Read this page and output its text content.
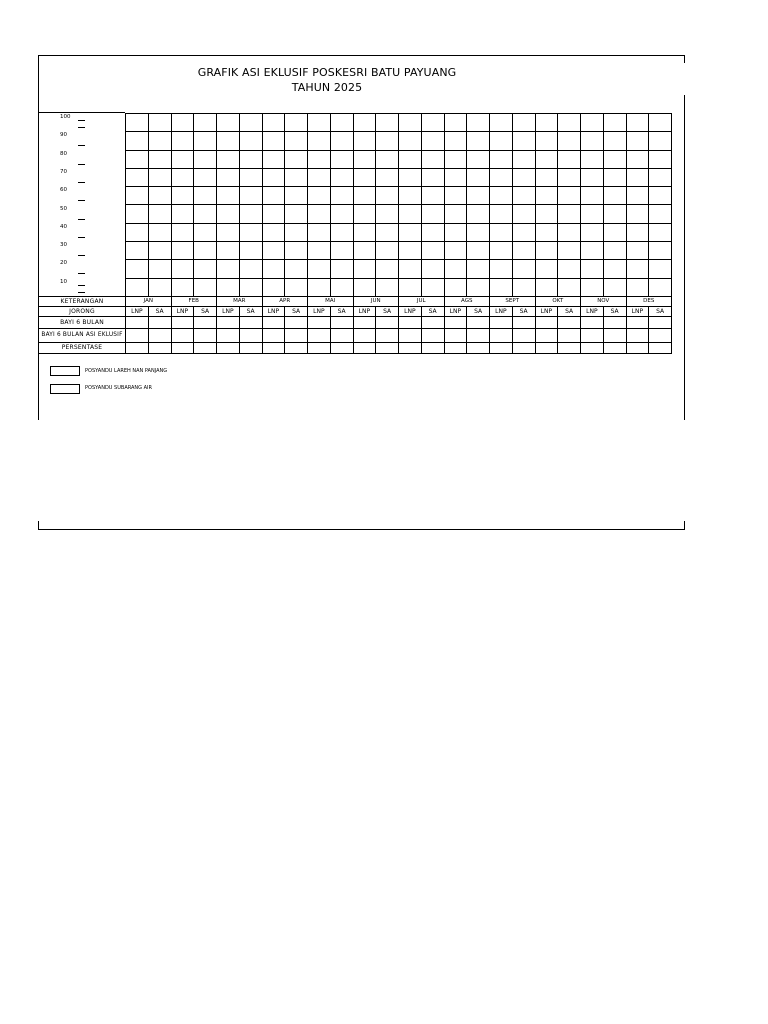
GRAFIK ASI EKLUSIF POSKESRI BATU PAYUANG
TAHUN 2025
100
90
80
70
60
50
40
30
20
10

KETERANGAN	JAN		FEB		MAR		APR		MAI		JUN		JUL		AGS		SEPT		OKT		NOV		DES	
JORONG	LNP	SA	LNP	SA	LNP	SA	LNP	SA	LNP	SA	LNP	SA	LNP	SA	LNP	SA	LNP	SA	LNP	SA	LNP	SA	LNP	SA
BAYI 6 BULAN																								
BAYI 6 BULAN ASI EKLUSIF																								
PERSENTASE																								
POSYANDU LAREH NAN PANJANG
POSYANDU SUBARANG AIR
